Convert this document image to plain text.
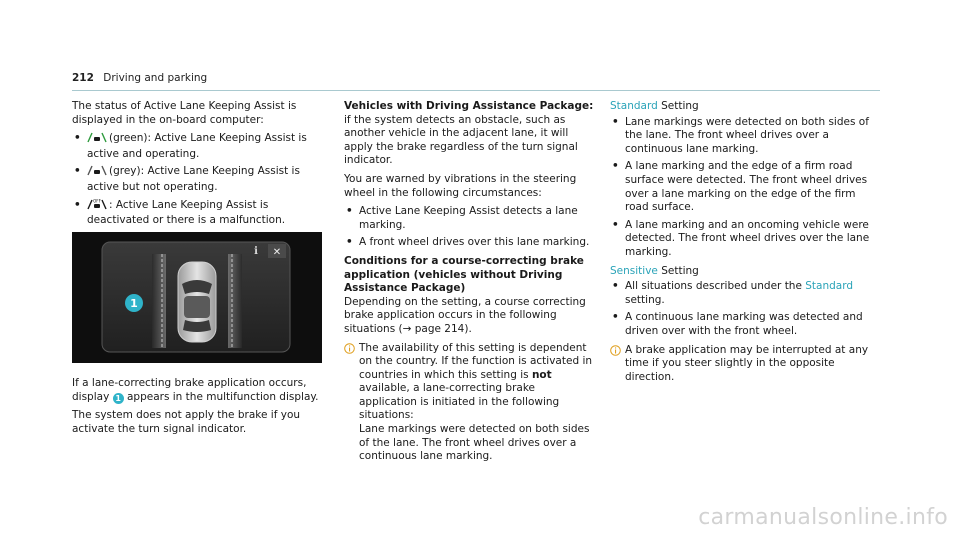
212 Driving and parking

The status of Active Lane Keeping Assist is displayed in the on-board computer:

•	(green): Active Lane Keeping Assist is active and operating.
•	(grey): Active Lane Keeping Assist is active but not operating.
•	OFF : Active Lane Keeping Assist is deactivated or there is a malfunction.
1
i ✕

If a lane-correcting brake application occurs, display 1 appears in the multifunction display.

The system does not apply the brake if you activate the turn signal indicator.

Vehicles with Driving Assistance Package: if the system detects an obstacle, such as another vehicle in the adjacent lane, it will apply the brake regardless of the turn signal indicator.

You are warned by vibrations in the steering wheel in the following circumstances:

• Active Lane Keeping Assist detects a lane marking.
• A front wheel drives over this lane marking.

Conditions for a course-correcting brake application (vehicles without Driving Assistance Package)

Depending on the setting, a course correcting brake application occurs in the following situations (→ page 214).

The availability of this setting is dependent on the country. If the function is activated in countries in which this setting is not available, a lane-correcting brake application is initiated in the following situations:
Lane markings were detected on both sides of the lane. The front wheel drives over a continuous lane marking.

Standard Setting

• Lane markings were detected on both sides of the lane. The front wheel drives over a continuous lane marking.
• A lane marking and the edge of a firm road surface were detected. The front wheel drives over a lane marking on the edge of the firm road surface.
• A lane marking and an oncoming vehicle were detected. The front wheel drives over the lane marking.

Sensitive Setting

• All situations described under the Standard setting.
• A continuous lane marking was detected and driven over with the front wheel.
A brake application may be interrupted at any time if you steer slightly in the opposite direction.
carmanualsonline.info
